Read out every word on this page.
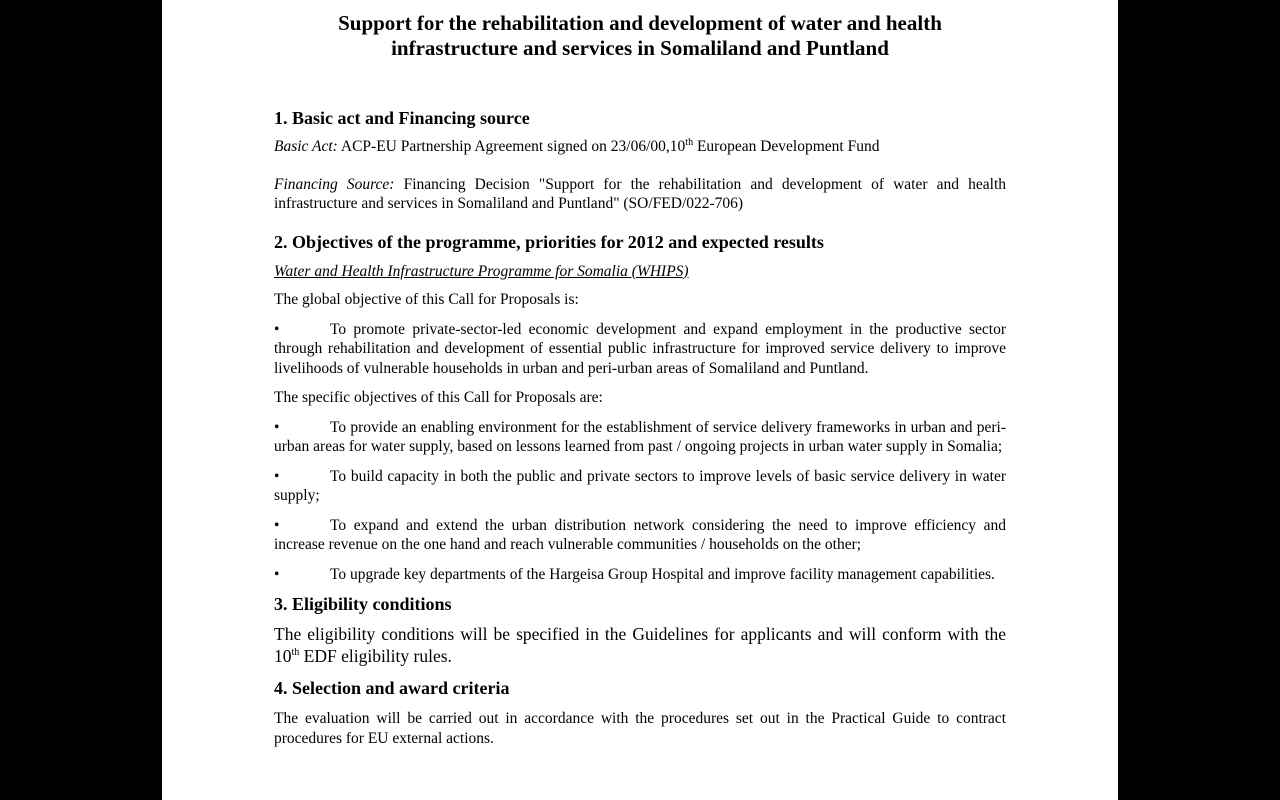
Support for the rehabilitation and development of water and health
infrastructure and services in Somaliland and Puntland
1. Basic act and Financing source

Basic Act: ACP-EU Partnership Agreement signed on 23/06/00,10th European Development Fund

Financing Source: Financing Decision "Support for the rehabilitation and development of water and health infrastructure and services in Somaliland and Puntland" (SO/FED/022-706)

2. Objectives of the programme, priorities for 2012 and expected results

Water and Health Infrastructure Programme for Somalia (WHIPS)

The global objective of this Call for Proposals is:

•	To promote private-sector-led economic development and expand employment in the productive sector through rehabilitation and development of essential public infrastructure for improved service delivery to improve livelihoods of vulnerable households in urban and peri-urban areas of Somaliland and Puntland.

The specific objectives of this Call for Proposals are:

•	To provide an enabling environment for the establishment of service delivery frameworks in urban and peri-urban areas for water supply, based on lessons learned from past / ongoing projects in urban water supply in Somalia;

•	To build capacity in both the public and private sectors to improve levels of basic service delivery in water supply;

•	To expand and extend the urban distribution network considering the need to improve efficiency and increase revenue on the one hand and reach vulnerable communities / households on the other;

•	To upgrade key departments of the Hargeisa Group Hospital and improve facility management capabilities.

3. Eligibility conditions

The eligibility conditions will be specified in the Guidelines for applicants and will conform with the 10th EDF eligibility rules.

4. Selection and award criteria

The evaluation will be carried out in accordance with the procedures set out in the Practical Guide to contract procedures for EU external actions.
